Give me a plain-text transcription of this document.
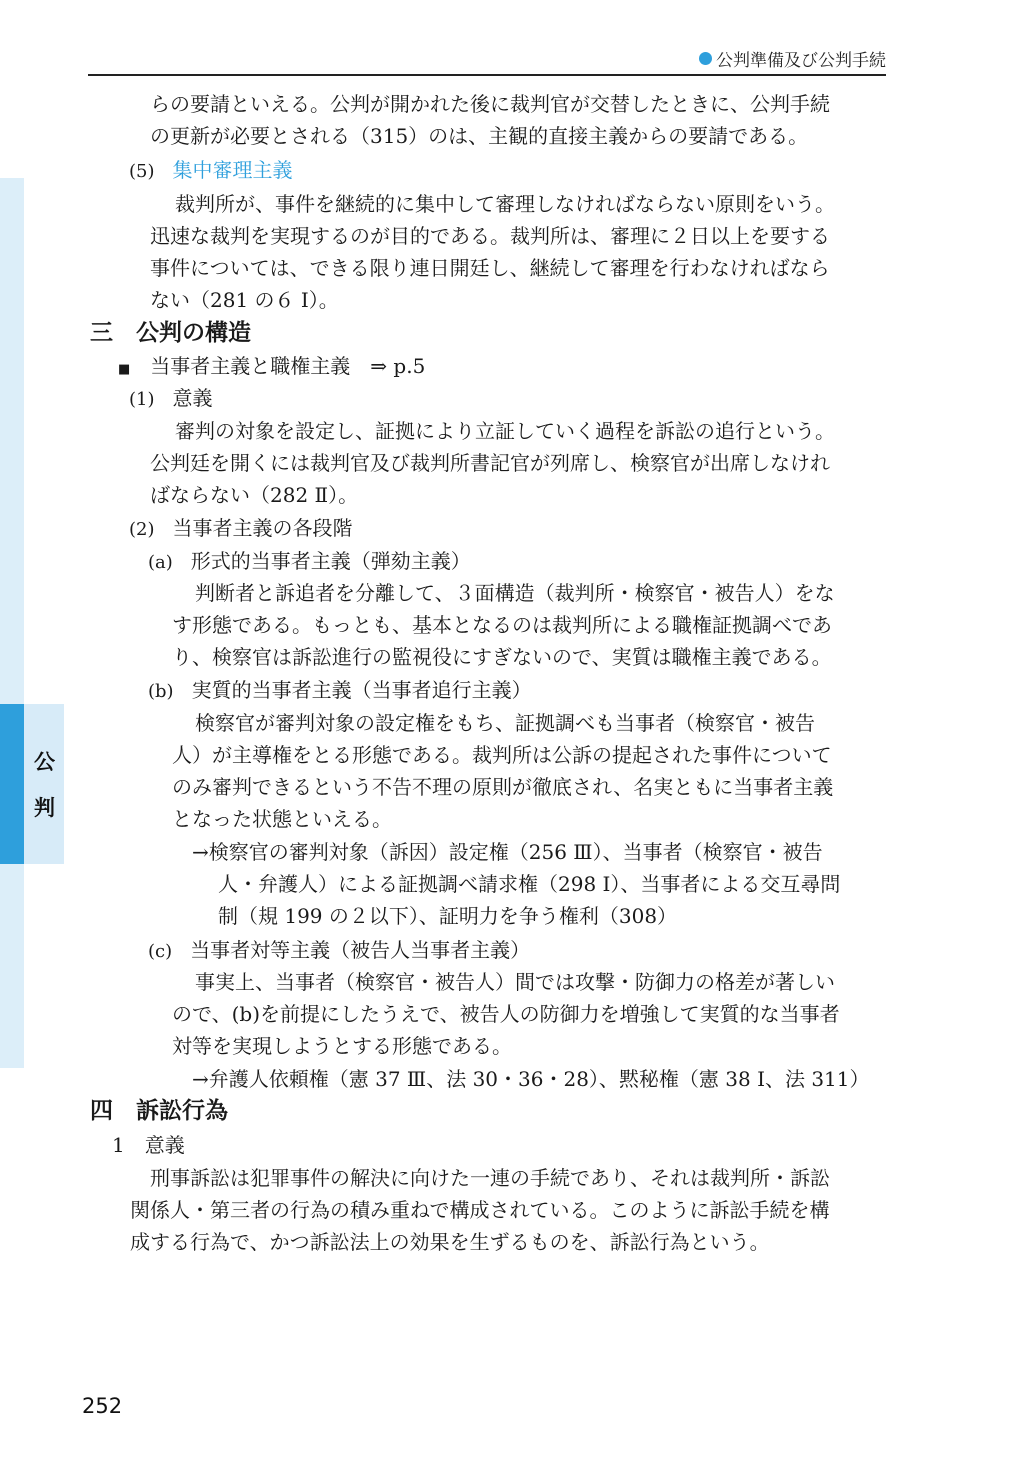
公判準備及び公判手続
公
判
らの要請といえる。公判が開かれた後に裁判官が交替したときに、公判手続
の更新が必要とされる（315）のは、主観的直接主義からの要請である。
(5) 集中審理主義
裁判所が、事件を継続的に集中して審理しなければならない原則をいう。
迅速な裁判を実現するのが目的である。裁判所は、審理に２日以上を要する
事件については、できる限り連日開廷し、継続して審理を行わなければなら
ない（281 の６ Ⅰ）。
三　公判の構造
■ 当事者主義と職権主義　⇒ p.5
(1) 意義
審判の対象を設定し、証拠により立証していく過程を訴訟の追行という。
公判廷を開くには裁判官及び裁判所書記官が列席し、検察官が出席しなけれ
ばならない（282 Ⅱ）。
(2) 当事者主義の各段階
(a) 形式的当事者主義（弾劾主義）
判断者と訴追者を分離して、３面構造（裁判所・検察官・被告人）をな
す形態である。もっとも、基本となるのは裁判所による職権証拠調べであ
り、検察官は訴訟進行の監視役にすぎないので、実質は職権主義である。
(b) 実質的当事者主義（当事者追行主義）
検察官が審判対象の設定権をもち、証拠調べも当事者（検察官・被告
人）が主導権をとる形態である。裁判所は公訴の提起された事件について
のみ審判できるという不告不理の原則が徹底され、名実ともに当事者主義
となった状態といえる。
→検察官の審判対象（訴因）設定権（256 Ⅲ）、当事者（検察官・被告
人・弁護人）による証拠調べ請求権（298 Ⅰ）、当事者による交互尋問
制（規 199 の２以下）、証明力を争う権利（308）
(c) 当事者対等主義（被告人当事者主義）
事実上、当事者（検察官・被告人）間では攻撃・防御力の格差が著しい
ので、(b)を前提にしたうえで、被告人の防御力を増強して実質的な当事者
対等を実現しようとする形態である。
→弁護人依頼権（憲 37 Ⅲ、法 30・36・28）、黙秘権（憲 38 Ⅰ、法 311）
四　訴訟行為
1　意義
刑事訴訟は犯罪事件の解決に向けた一連の手続であり、それは裁判所・訴訟
関係人・第三者の行為の積み重ねで構成されている。このように訴訟手続を構
成する行為で、かつ訴訟法上の効果を生ずるものを、訴訟行為という。
252
